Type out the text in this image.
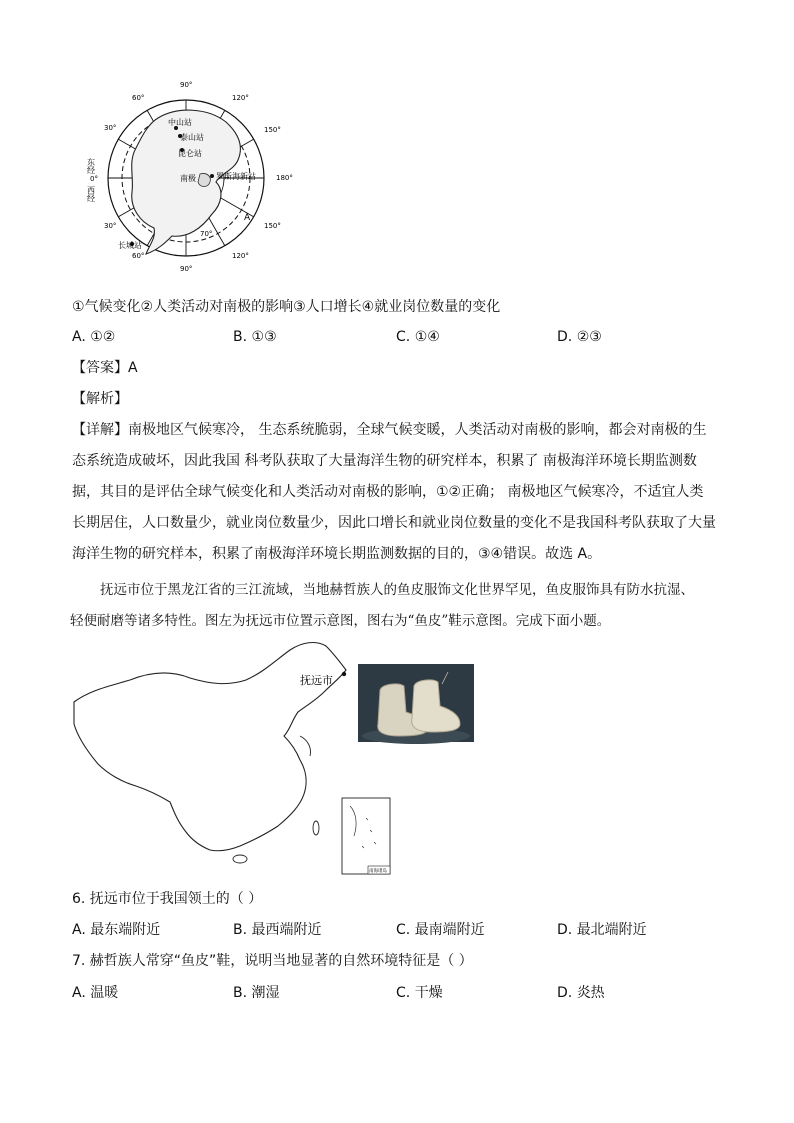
90°
120°
60°
30°	150°
180°
150°
30°
60°	120°
90°
东经
0°
西经
中山站
泰山站
昆仑站
南极	罗斯海新站
长城站
A
70°
①气候变化②人类活动对南极的影响③人口增长④就业岗位数量的变化
A. ①②	B. ①③	C. ①④	D. ②③
【答案】A
【解析】
【详解】南极地区气候寒冷， 生态系统脆弱，全球气候变暖，人类活动对南极的影响，都会对南极的生
态系统造成破坏，因此我国 科考队获取了大量海洋生物的研究样本，积累了 南极海洋环境长期监测数
据，其目的是评估全球气候变化和人类活动对南极的影响，①②正确； 南极地区气候寒冷，不适宜人类
长期居住，人口数量少，就业岗位数量少，因此口增长和就业岗位数量的变化不是我国科考队获取了大量
海洋生物的研究样本，积累了南极海洋环境长期监测数据的目的，③④错误。故选 A。
抚远市位于黑龙江省的三江流域，当地赫哲族人的鱼皮服饰文化世界罕见，鱼皮服饰具有防水抗湿、
轻便耐磨等诸多特性。图左为抚远市位置示意图，图右为“鱼皮”鞋示意图。完成下面小题。
抚远市
南海诸岛
6. 抚远市位于我国领土的（ ）
A. 最东端附近	B. 最西端附近	C. 最南端附近	D. 最北端附近
7. 赫哲族人常穿“鱼皮”鞋，说明当地显著的自然环境特征是（ ）
A. 温暖	B. 潮湿	C. 干燥	D. 炎热
